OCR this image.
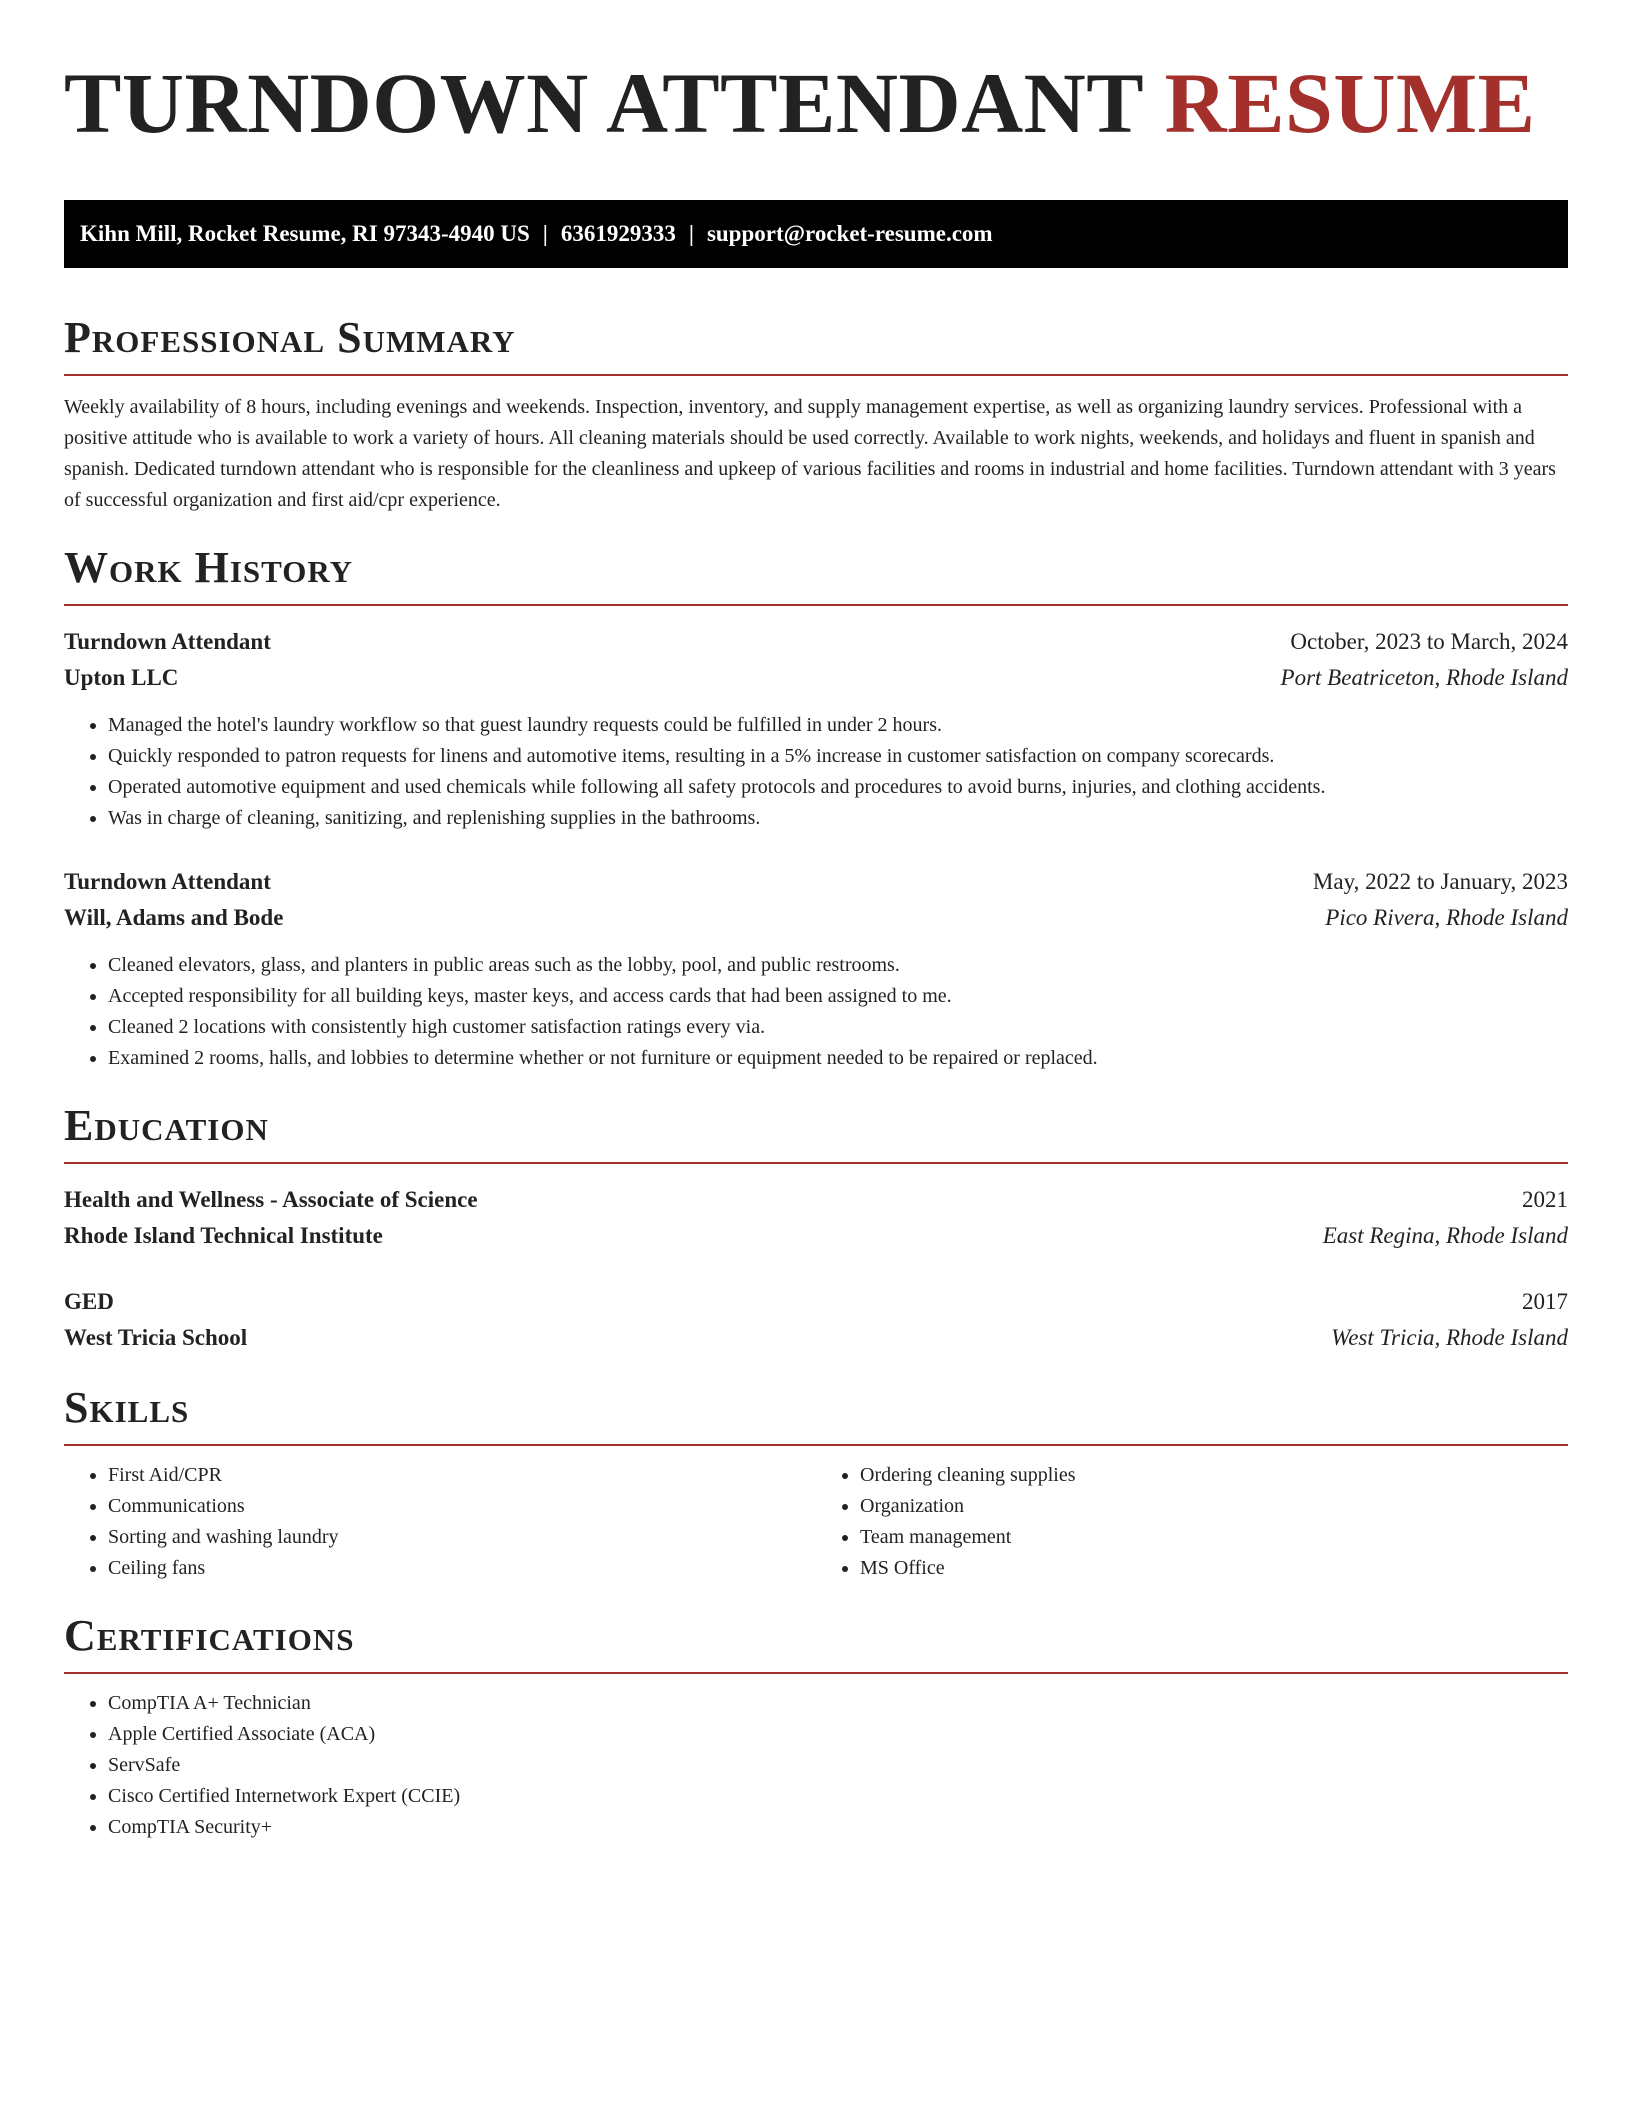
TURNDOWN ATTENDANT RESUME
Kihn Mill, Rocket Resume, RI 97343-4940 US | 6361929333 | support@rocket-resume.com
Professional Summary

Weekly availability of 8 hours, including evenings and weekends. Inspection, inventory, and supply management expertise, as well as organizing laundry services. Professional with a positive attitude who is available to work a variety of hours. All cleaning materials should be used correctly. Available to work nights, weekends, and holidays and fluent in spanish and spanish. Dedicated turndown attendant who is responsible for the cleanliness and upkeep of various facilities and rooms in industrial and home facilities. Turndown attendant with 3 years of successful organization and first aid/cpr experience.

Work History
Turndown Attendant	October, 2023 to March, 2024
Upton LLC	Port Beatriceton, Rhode Island
• Managed the hotel's laundry workflow so that guest laundry requests could be fulfilled in under 2 hours.
• Quickly responded to patron requests for linens and automotive items, resulting in a 5% increase in customer satisfaction on company scorecards.
• Operated automotive equipment and used chemicals while following all safety protocols and procedures to avoid burns, injuries, and clothing accidents.
• Was in charge of cleaning, sanitizing, and replenishing supplies in the bathrooms.
Turndown Attendant	May, 2022 to January, 2023
Will, Adams and Bode	Pico Rivera, Rhode Island
• Cleaned elevators, glass, and planters in public areas such as the lobby, pool, and public restrooms.
• Accepted responsibility for all building keys, master keys, and access cards that had been assigned to me.
• Cleaned 2 locations with consistently high customer satisfaction ratings every via.
• Examined 2 rooms, halls, and lobbies to determine whether or not furniture or equipment needed to be repaired or replaced.
Education
Health and Wellness - Associate of Science	2021
Rhode Island Technical Institute	East Regina, Rhode Island
GED	2017
West Tricia School	West Tricia, Rhode Island
Skills
• First Aid/CPR
• Communications
• Sorting and washing laundry
• Ceiling fans
• Ordering cleaning supplies
• Organization
• Team management
• MS Office
Certifications
• CompTIA A+ Technician
• Apple Certified Associate (ACA)
• ServSafe
• Cisco Certified Internetwork Expert (CCIE)
• CompTIA Security+
